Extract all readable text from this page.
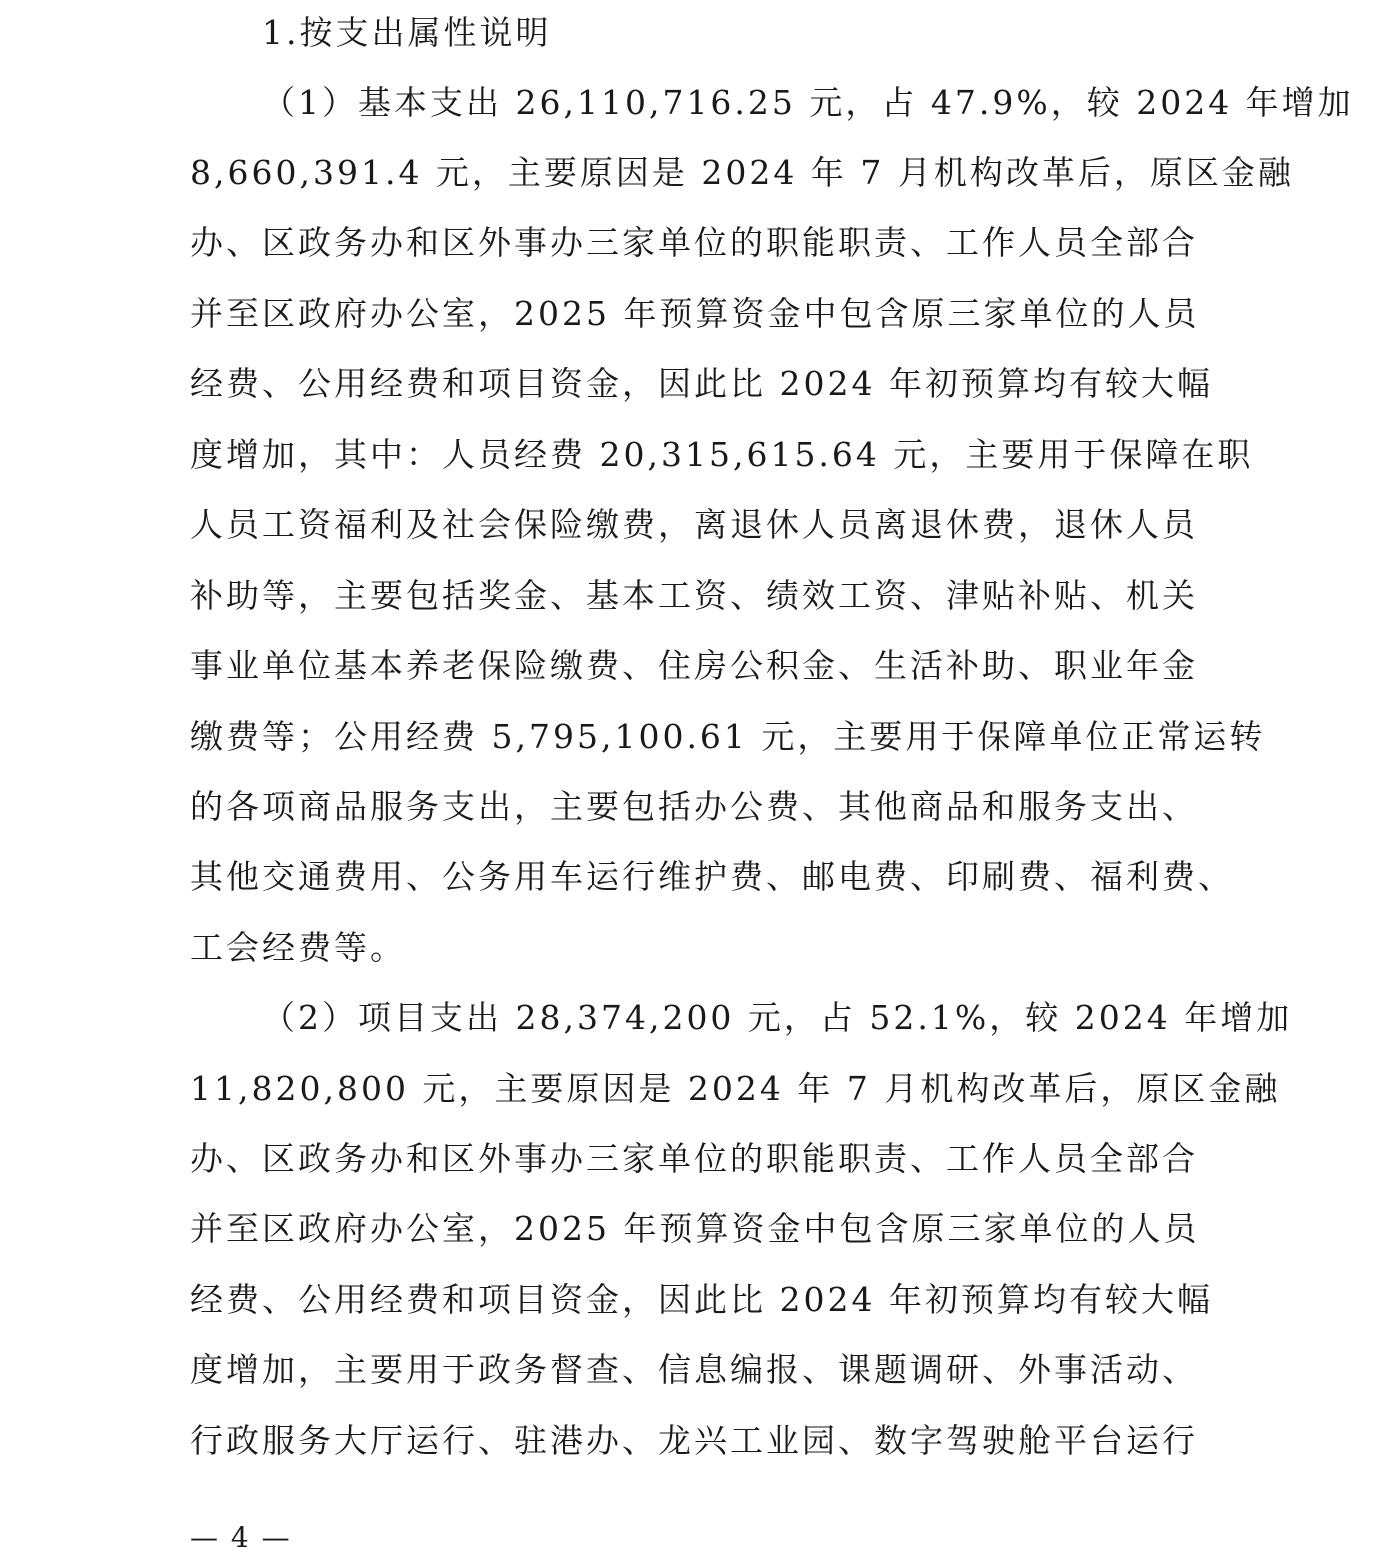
1.按支出属性说明
（1）基本支出 26,110,716.25 元，占 47.9%，较 2024 年增加
8,660,391.4 元，主要原因是 2024 年 7 月机构改革后，原区金融
办、区政务办和区外事办三家单位的职能职责、工作人员全部合
并至区政府办公室，2025 年预算资金中包含原三家单位的人员
经费、公用经费和项目资金，因此比 2024 年初预算均有较大幅
度增加，其中：人员经费 20,315,615.64 元，主要用于保障在职
人员工资福利及社会保险缴费，离退休人员离退休费，退休人员
补助等，主要包括奖金、基本工资、绩效工资、津贴补贴、机关
事业单位基本养老保险缴费、住房公积金、生活补助、职业年金
缴费等；公用经费 5,795,100.61 元，主要用于保障单位正常运转
的各项商品服务支出，主要包括办公费、其他商品和服务支出、
其他交通费用、公务用车运行维护费、邮电费、印刷费、福利费、
工会经费等。
（2）项目支出 28,374,200 元，占 52.1%，较 2024 年增加
11,820,800 元，主要原因是 2024 年 7 月机构改革后，原区金融
办、区政务办和区外事办三家单位的职能职责、工作人员全部合
并至区政府办公室，2025 年预算资金中包含原三家单位的人员
经费、公用经费和项目资金，因此比 2024 年初预算均有较大幅
度增加，主要用于政务督查、信息编报、课题调研、外事活动、
行政服务大厅运行、驻港办、龙兴工业园、数字驾驶舱平台运行
— 4 —
